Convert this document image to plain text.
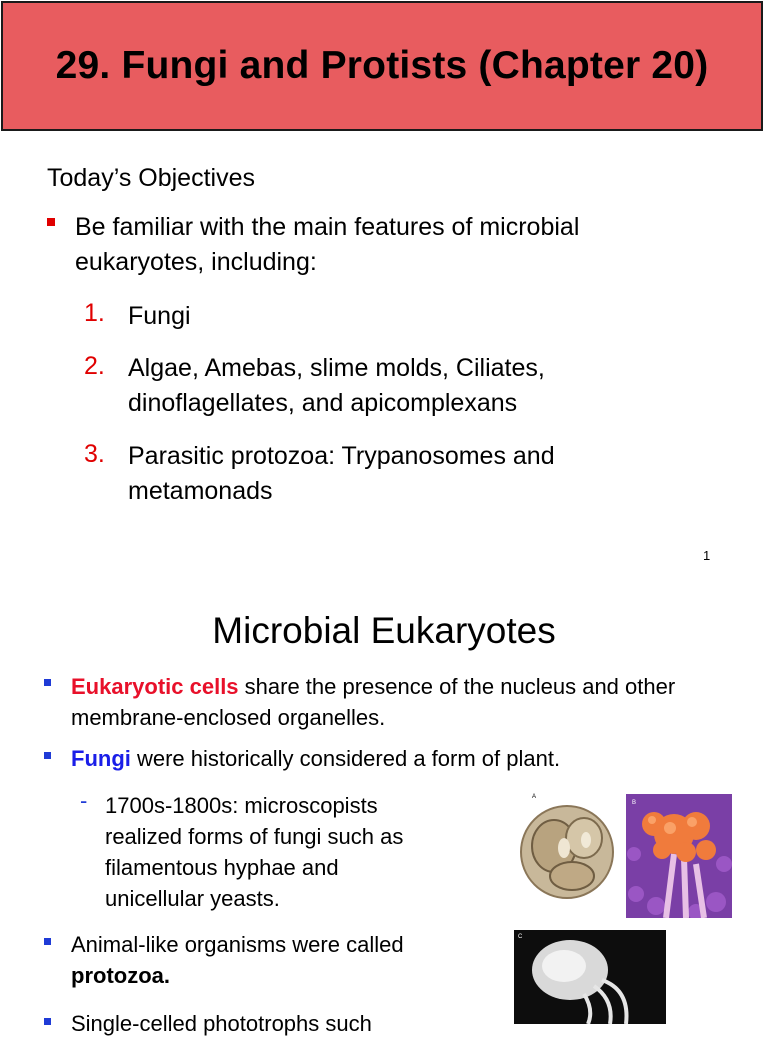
29. Fungi and Protists (Chapter 20)
Today’s Objectives
Be familiar with the main features of microbial eukaryotes, including:
1. Fungi
2. Algae, Amebas, slime molds, Ciliates, dinoflagellates, and apicomplexans
3. Parasitic protozoa: Trypanosomes and metamonads
1
Microbial Eukaryotes
Eukaryotic cells share the presence of the nucleus and other membrane-enclosed organelles.
Fungi were historically considered a form of plant.
- 1700s-1800s: microscopists realized forms of fungi such as filamentous hyphae and unicellular yeasts.
Animal-like organisms were called protozoa.
Single-celled phototrophs such
A
B
C
